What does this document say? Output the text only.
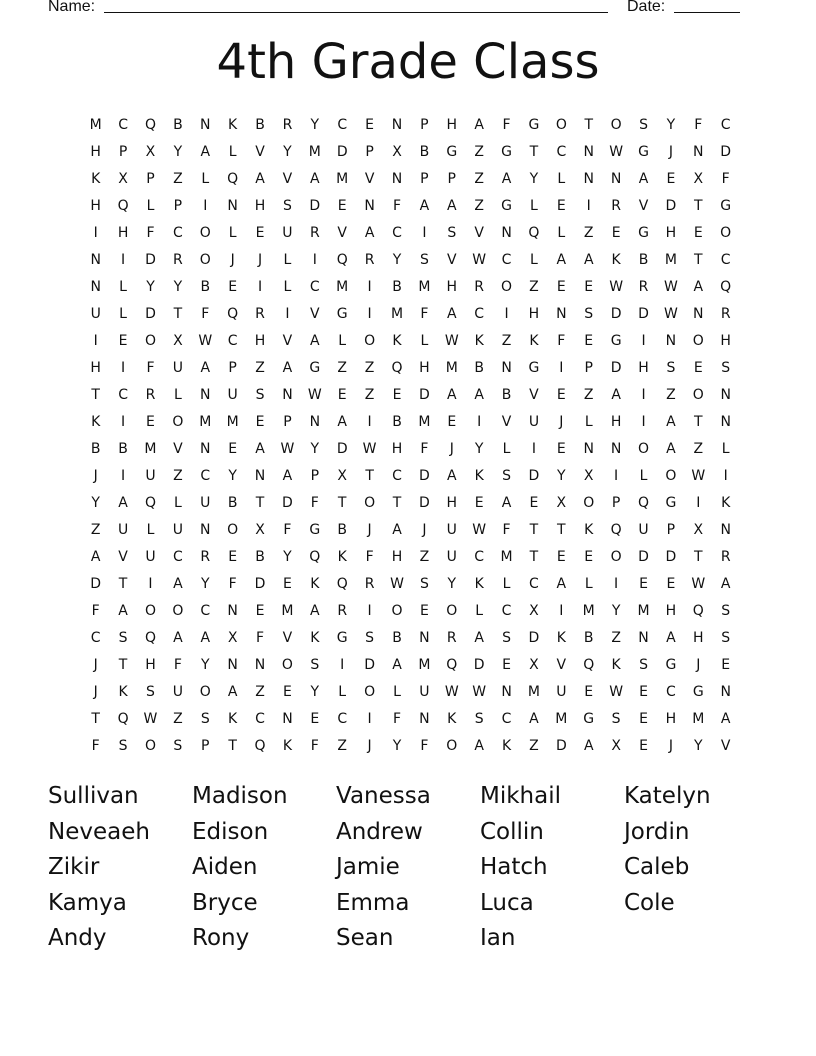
Name:	Date:
4th Grade Class
M	C	Q	B	N	K	B	R	Y	C	E	N	P	H	A	F	G	O	T	O	S	Y	F	C
H	P	X	Y	A	L	V	Y	M	D	P	X	B	G	Z	G	T	C	N	W	G	J	N	D
K	X	P	Z	L	Q	A	V	A	M	V	N	P	P	Z	A	Y	L	N	N	A	E	X	F
H	Q	L	P	I	N	H	S	D	E	N	F	A	A	Z	G	L	E	I	R	V	D	T	G
I	H	F	C	O	L	E	U	R	V	A	C	I	S	V	N	Q	L	Z	E	G	H	E	O
N	I	D	R	O	J	J	L	I	Q	R	Y	S	V	W	C	L	A	A	K	B	M	T	C
N	L	Y	Y	B	E	I	L	C	M	I	B	M	H	R	O	Z	E	E	W	R	W	A	Q
U	L	D	T	F	Q	R	I	V	G	I	M	F	A	C	I	H	N	S	D	D	W	N	R
I	E	O	X	W	C	H	V	A	L	O	K	L	W	K	Z	K	F	E	G	I	N	O	H
H	I	F	U	A	P	Z	A	G	Z	Z	Q	H	M	B	N	G	I	P	D	H	S	E	S
T	C	R	L	N	U	S	N	W	E	Z	E	D	A	A	B	V	E	Z	A	I	Z	O	N
K	I	E	O	M	M	E	P	N	A	I	B	M	E	I	V	U	J	L	H	I	A	T	N
B	B	M	V	N	E	A	W	Y	D	W	H	F	J	Y	L	I	E	N	N	O	A	Z	L
J	I	U	Z	C	Y	N	A	P	X	T	C	D	A	K	S	D	Y	X	I	L	O	W	I
Y	A	Q	L	U	B	T	D	F	T	O	T	D	H	E	A	E	X	O	P	Q	G	I	K
Z	U	L	U	N	O	X	F	G	B	J	A	J	U	W	F	T	T	K	Q	U	P	X	N
A	V	U	C	R	E	B	Y	Q	K	F	H	Z	U	C	M	T	E	E	O	D	D	T	R
D	T	I	A	Y	F	D	E	K	Q	R	W	S	Y	K	L	C	A	L	I	E	E	W	A
F	A	O	O	C	N	E	M	A	R	I	O	E	O	L	C	X	I	M	Y	M	H	Q	S
C	S	Q	A	A	X	F	V	K	G	S	B	N	R	A	S	D	K	B	Z	N	A	H	S
J	T	H	F	Y	N	N	O	S	I	D	A	M	Q	D	E	X	V	Q	K	S	G	J	E
J	K	S	U	O	A	Z	E	Y	L	O	L	U	W W	N	M	U	E	W	E	C	G	N
T	Q	W	Z	S	K	C	N	E	C	I	F	N	K	S	C	A	M	G	S	E	H	M	A
F	S	O	S	P	T	Q	K	F	Z	J	Y	F	O	A	K	Z	D	A	X	E	J	Y	V
Sullivan	Madison	Vanessa	Mikhail	Katelyn
Neveaeh	Edison	Andrew	Collin	Jordin
Zikir	Aiden	Jamie	Hatch	Caleb
Kamya	Bryce	Emma	Luca	Cole
Andy	Rony	Sean	Ian
